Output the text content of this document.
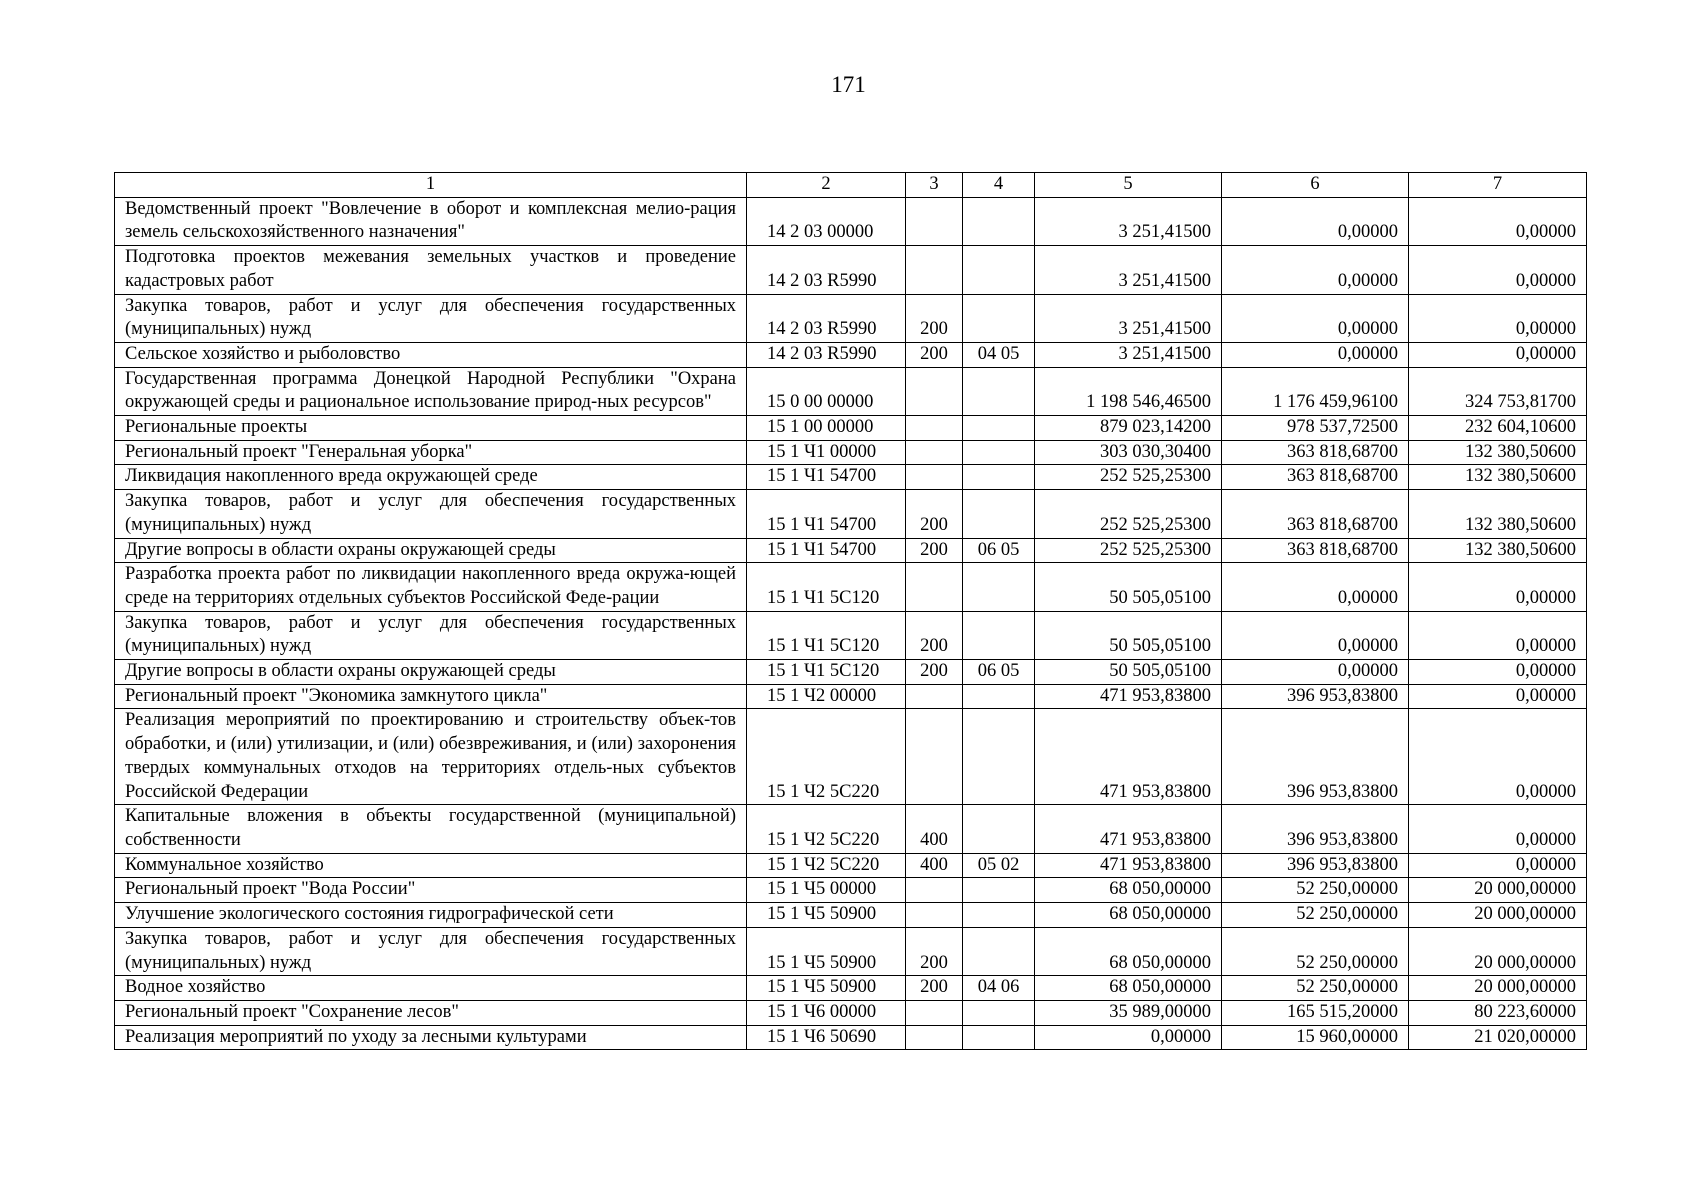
171
1	2	3	4	5	6	7
Ведомственный проект "Вовлечение в оборот и комплексная мелио-рация земель сельскохозяйственного назначения"	14 2 03 00000			3 251,41500	0,00000	0,00000
Подготовка проектов межевания земельных участков и проведение кадастровых работ	14 2 03 R5990			3 251,41500	0,00000	0,00000
Закупка товаров, работ и услуг для обеспечения государственных (муниципальных) нужд	14 2 03 R5990	200		3 251,41500	0,00000	0,00000
Сельское хозяйство и рыболовство	14 2 03 R5990	200	04 05	3 251,41500	0,00000	0,00000
Государственная программа Донецкой Народной Республики "Охрана окружающей среды и рациональное использование природ-ных ресурсов"	15 0 00 00000			1 198 546,46500	1 176 459,96100	324 753,81700
Региональные проекты	15 1 00 00000			879 023,14200	978 537,72500	232 604,10600
Региональный проект "Генеральная уборка"	15 1 Ч1 00000			303 030,30400	363 818,68700	132 380,50600
Ликвидация накопленного вреда окружающей среде	15 1 Ч1 54700			252 525,25300	363 818,68700	132 380,50600
Закупка товаров, работ и услуг для обеспечения государственных (муниципальных) нужд	15 1 Ч1 54700	200		252 525,25300	363 818,68700	132 380,50600
Другие вопросы в области охраны окружающей среды	15 1 Ч1 54700	200	06 05	252 525,25300	363 818,68700	132 380,50600
Разработка проекта работ по ликвидации накопленного вреда окружа-ющей среде на территориях отдельных субъектов Российской Феде-рации	15 1 Ч1 5С120			50 505,05100	0,00000	0,00000
Закупка товаров, работ и услуг для обеспечения государственных (муниципальных) нужд	15 1 Ч1 5С120	200		50 505,05100	0,00000	0,00000
Другие вопросы в области охраны окружающей среды	15 1 Ч1 5С120	200	06 05	50 505,05100	0,00000	0,00000
Региональный проект "Экономика замкнутого цикла"	15 1 Ч2 00000			471 953,83800	396 953,83800	0,00000
Реализация мероприятий по проектированию и строительству объек-тов обработки, и (или) утилизации, и (или) обезвреживания, и (или) захоронения твердых коммунальных отходов на территориях отдель-ных субъектов Российской Федерации	15 1 Ч2 5С220			471 953,83800	396 953,83800	0,00000
Капитальные вложения в объекты государственной (муниципальной) собственности	15 1 Ч2 5С220	400		471 953,83800	396 953,83800	0,00000
Коммунальное хозяйство	15 1 Ч2 5С220	400	05 02	471 953,83800	396 953,83800	0,00000
Региональный проект "Вода России"	15 1 Ч5 00000			68 050,00000	52 250,00000	20 000,00000
Улучшение экологического состояния гидрографической сети	15 1 Ч5 50900			68 050,00000	52 250,00000	20 000,00000
Закупка товаров, работ и услуг для обеспечения государственных (муниципальных) нужд	15 1 Ч5 50900	200		68 050,00000	52 250,00000	20 000,00000
Водное хозяйство	15 1 Ч5 50900	200	04 06	68 050,00000	52 250,00000	20 000,00000
Региональный проект "Сохранение лесов"	15 1 Ч6 00000			35 989,00000	165 515,20000	80 223,60000
Реализация мероприятий по уходу за лесными культурами	15 1 Ч6 50690			0,00000	15 960,00000	21 020,00000
